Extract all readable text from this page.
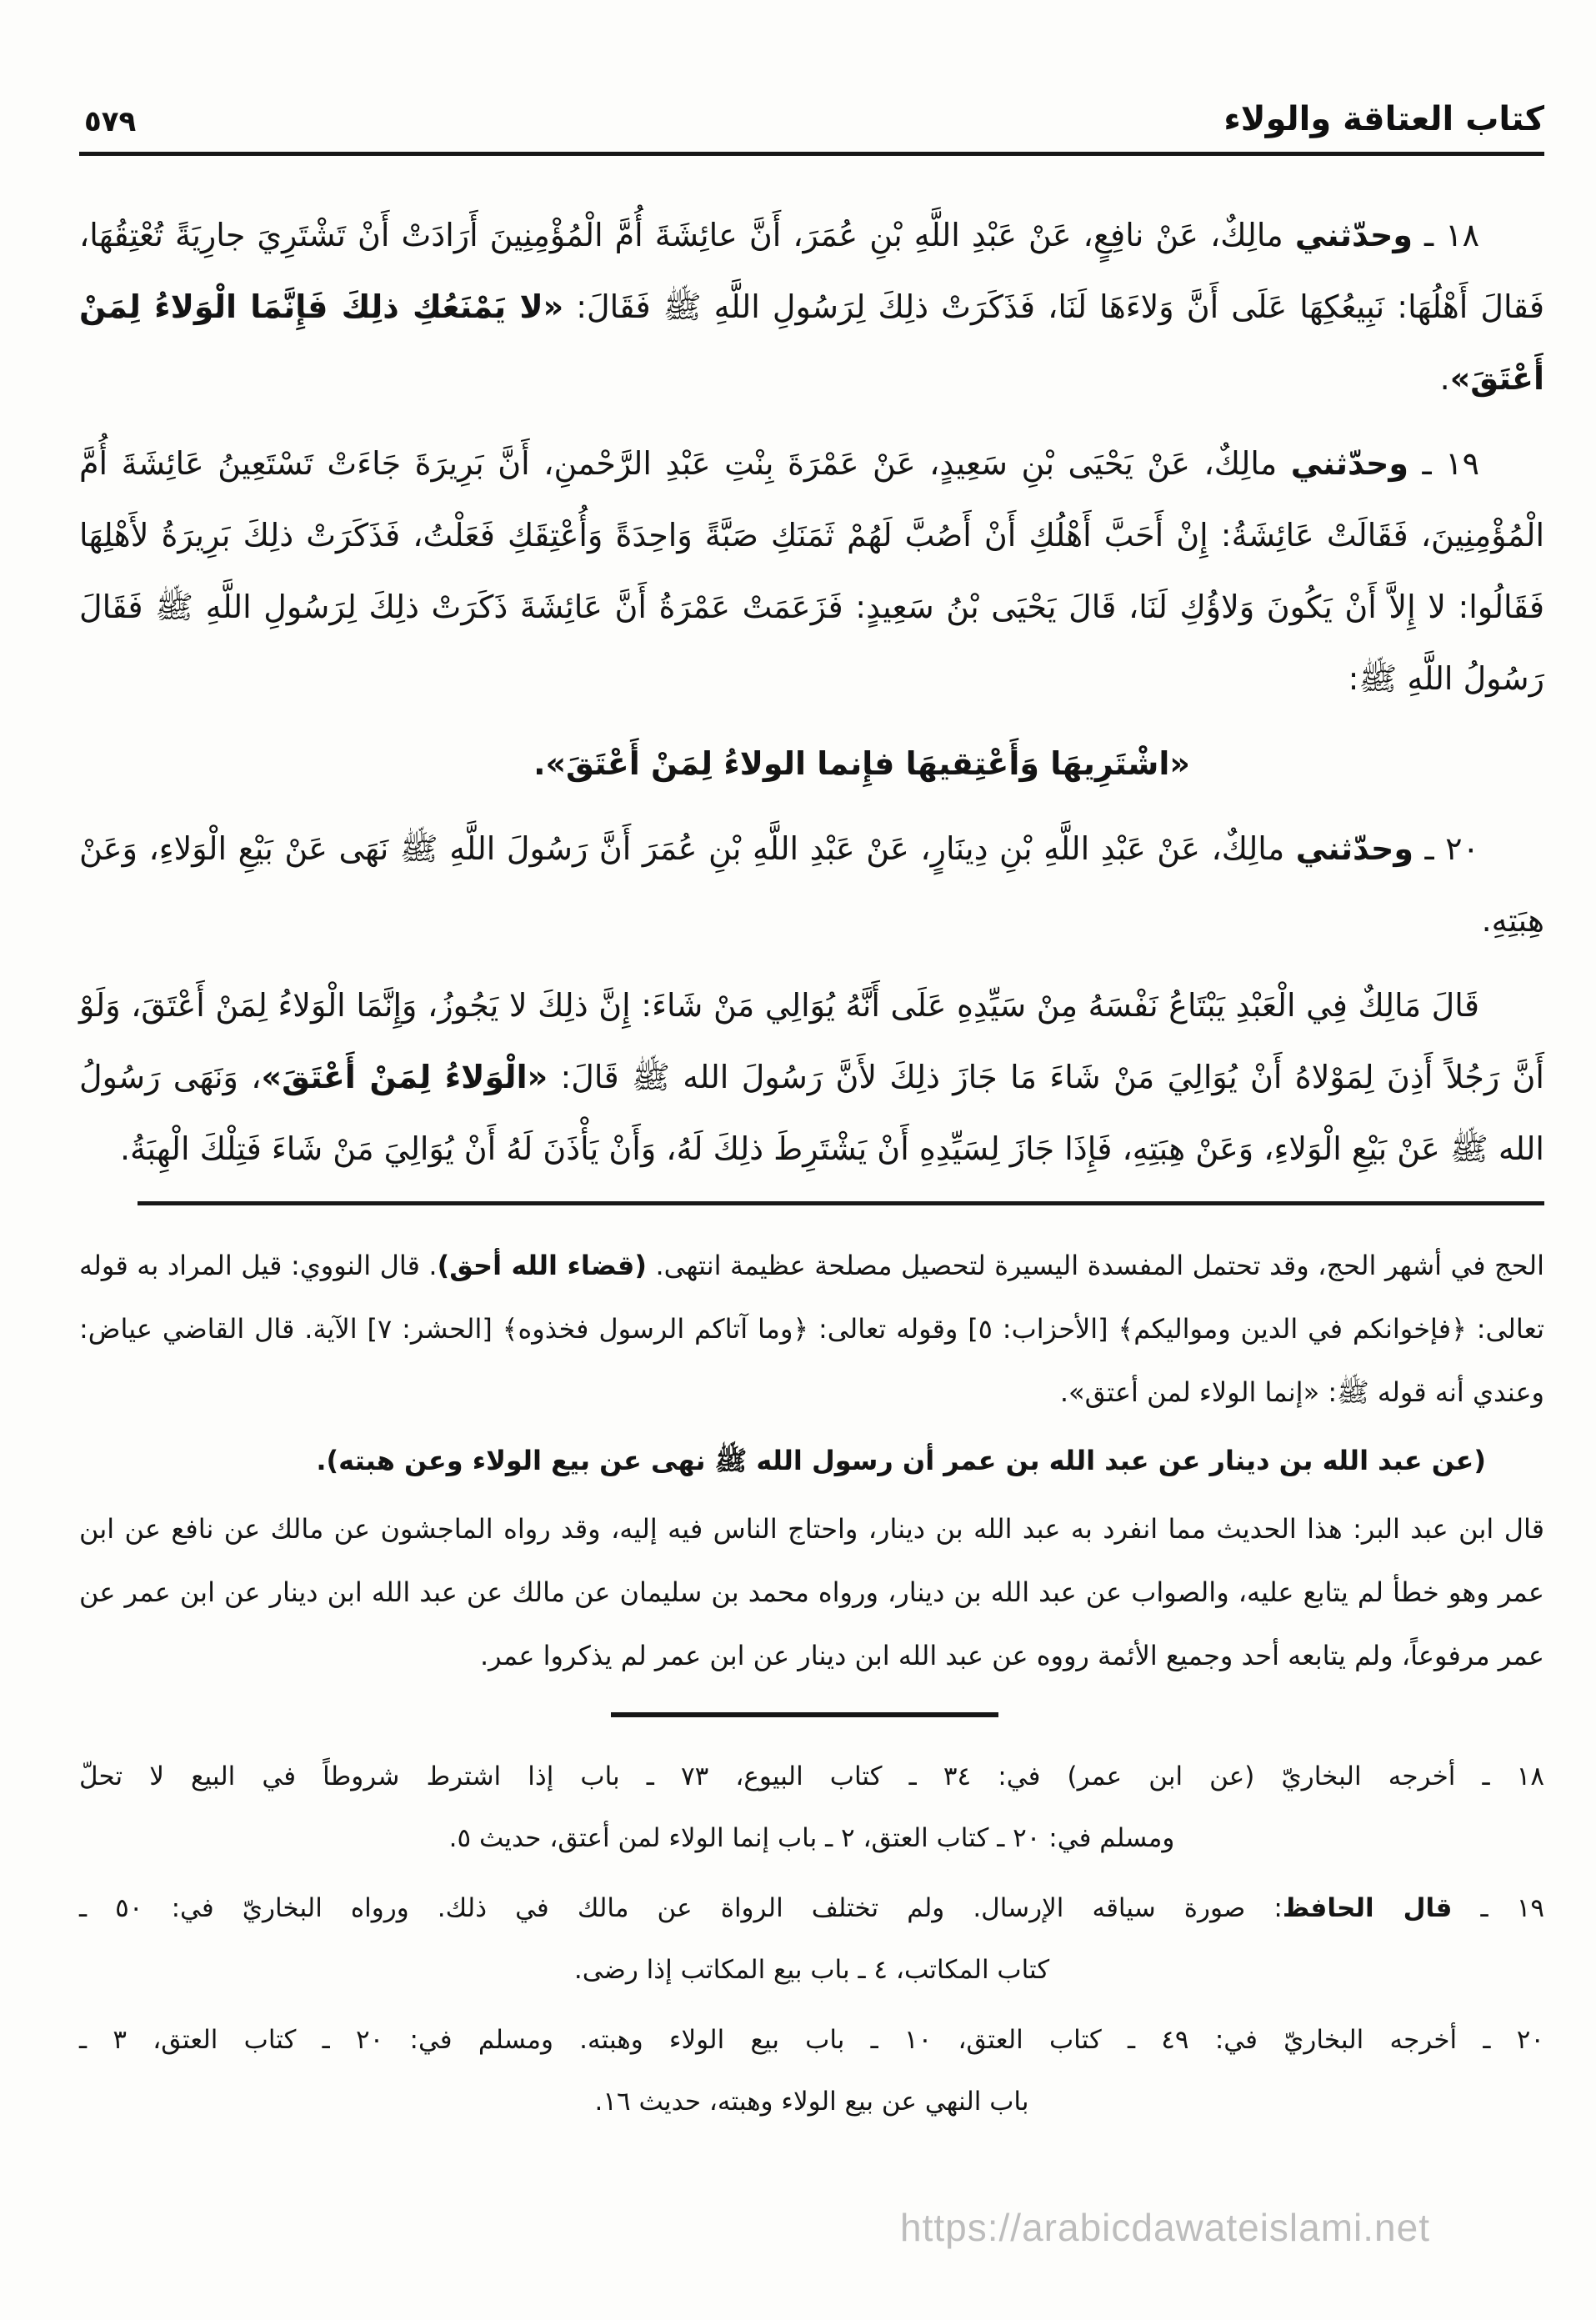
كتاب العتاقة والولاء
٥٧٩

١٨ ـ وحدّثني مالِكٌ، عَنْ نافِعٍ، عَنْ عَبْدِ اللَّهِ بْنِ عُمَرَ، أَنَّ عائِشَةَ أُمَّ الْمُؤْمِنِينَ أَرَادَتْ أَنْ تَشْتَرِيَ جارِيَةً تُعْتِقُهَا، فَقالَ أَهْلُهَا: نَبِيعُكِهَا عَلَى أَنَّ وَلاءَهَا لَنَا، فَذَكَرَتْ ذلِكَ لِرَسُولِ اللَّهِ ﷺ فَقَالَ: «لا يَمْنَعُكِ ذلِكَ فَإِنَّمَا الْوَلاءُ لِمَنْ أَعْتَقَ».

١٩ ـ وحدّثني مالِكٌ، عَنْ يَحْيَى بْنِ سَعِيدٍ، عَنْ عَمْرَةَ بِنْتِ عَبْدِ الرَّحْمنِ، أَنَّ بَرِيرَةَ جَاءَتْ تَسْتَعِينُ عَائِشَةَ أُمَّ الْمُؤْمِنِينَ، فَقَالَتْ عَائِشَةُ: إِنْ أَحَبَّ أَهْلُكِ أَنْ أَصُبَّ لَهُمْ ثَمَنَكِ صَبَّةً وَاحِدَةً وَأُعْتِقَكِ فَعَلْتُ، فَذَكَرَتْ ذلِكَ بَرِيرَةُ لأَهْلِهَا فَقَالُوا: لا إِلاَّ أَنْ يَكُونَ وَلاؤُكِ لَنَا، قَالَ يَحْيَى بْنُ سَعِيدٍ: فَزَعَمَتْ عَمْرَةُ أَنَّ عَائِشَةَ ذَكَرَتْ ذلِكَ لِرَسُولِ اللَّهِ ﷺ فَقَالَ رَسُولُ اللَّهِ ﷺ:

«اشْتَرِيهَا وَأَعْتِقيهَا فإِنما الولاءُ لِمَنْ أَعْتَقَ».

٢٠ ـ وحدّثني مالِكٌ، عَنْ عَبْدِ اللَّهِ بْنِ دِينَارٍ، عَنْ عَبْدِ اللَّهِ بْنِ عُمَرَ أَنَّ رَسُولَ اللَّهِ ﷺ نَهَى عَنْ بَيْعِ الْوَلاءِ، وَعَنْ هِبَتِهِ.

قَالَ مَالِكٌ فِي الْعَبْدِ يَبْتَاعُ نَفْسَهُ مِنْ سَيِّدِهِ عَلَى أَنَّهُ يُوَالِي مَنْ شَاءَ: إِنَّ ذلِكَ لا يَجُوزُ، وَإِنَّمَا الْوَلاءُ لِمَنْ أَعْتَقَ، وَلَوْ أَنَّ رَجُلاً أَذِنَ لِمَوْلاهُ أَنْ يُوَالِيَ مَنْ شَاءَ مَا جَازَ ذلِكَ لأَنَّ رَسُولَ الله ﷺ قَالَ: «الْوَلاءُ لِمَنْ أَعْتَقَ»، وَنَهَى رَسُولُ الله ﷺ عَنْ بَيْعِ الْوَلاءِ، وَعَنْ هِبَتِهِ، فَإِذَا جَازَ لِسَيِّدِهِ أَنْ يَشْتَرِطَ ذلِكَ لَهُ، وَأَنْ يَأْذَنَ لَهُ أَنْ يُوَالِيَ مَنْ شَاءَ فَتِلْكَ الْهِبَةُ.

الحج في أشهر الحج، وقد تحتمل المفسدة اليسيرة لتحصيل مصلحة عظيمة انتهى. (قضاء الله أحق). قال النووي: قيل المراد به قوله تعالى: ﴿فإخوانكم في الدين ومواليكم﴾ [الأحزاب: ٥] وقوله تعالى: ﴿وما آتاكم الرسول فخذوه﴾ [الحشر: ٧] الآية. قال القاضي عياض: وعندي أنه قوله ﷺ: «إنما الولاء لمن أعتق».

(عن عبد الله بن دينار عن عبد الله بن عمر أن رسول الله ﷺ نهى عن بيع الولاء وعن هبته).

قال ابن عبد البر: هذا الحديث مما انفرد به عبد الله بن دينار، واحتاج الناس فيه إليه، وقد رواه الماجشون عن مالك عن نافع عن ابن عمر وهو خطأ لم يتابع عليه، والصواب عن عبد الله بن دينار، ورواه محمد بن سليمان عن مالك عن عبد الله ابن دينار عن ابن عمر عن عمر مرفوعاً، ولم يتابعه أحد وجميع الأئمة رووه عن عبد الله ابن دينار عن ابن عمر لم يذكروا عمر.

١٨ ـ أخرجه البخاريّ (عن ابن عمر) في: ٣٤ ـ كتاب البيوع، ٧٣ ـ باب إذا اشترط شروطاً في البيع لا تحلّ
ومسلم في: ٢٠ ـ كتاب العتق، ٢ ـ باب إنما الولاء لمن أعتق، حديث ٥.
١٩ ـ قال الحافظ: صورة سياقه الإرسال. ولم تختلف الرواة عن مالك في ذلك. ورواه البخاريّ في: ٥٠ ـ
كتاب المكاتب، ٤ ـ باب بيع المكاتب إذا رضى.
٢٠ ـ أخرجه البخاريّ في: ٤٩ ـ كتاب العتق، ١٠ ـ باب بيع الولاء وهبته. ومسلم في: ٢٠ ـ كتاب العتق، ٣ ـ
باب النهي عن بيع الولاء وهبته، حديث ١٦.
https://arabicdawateislami.net
